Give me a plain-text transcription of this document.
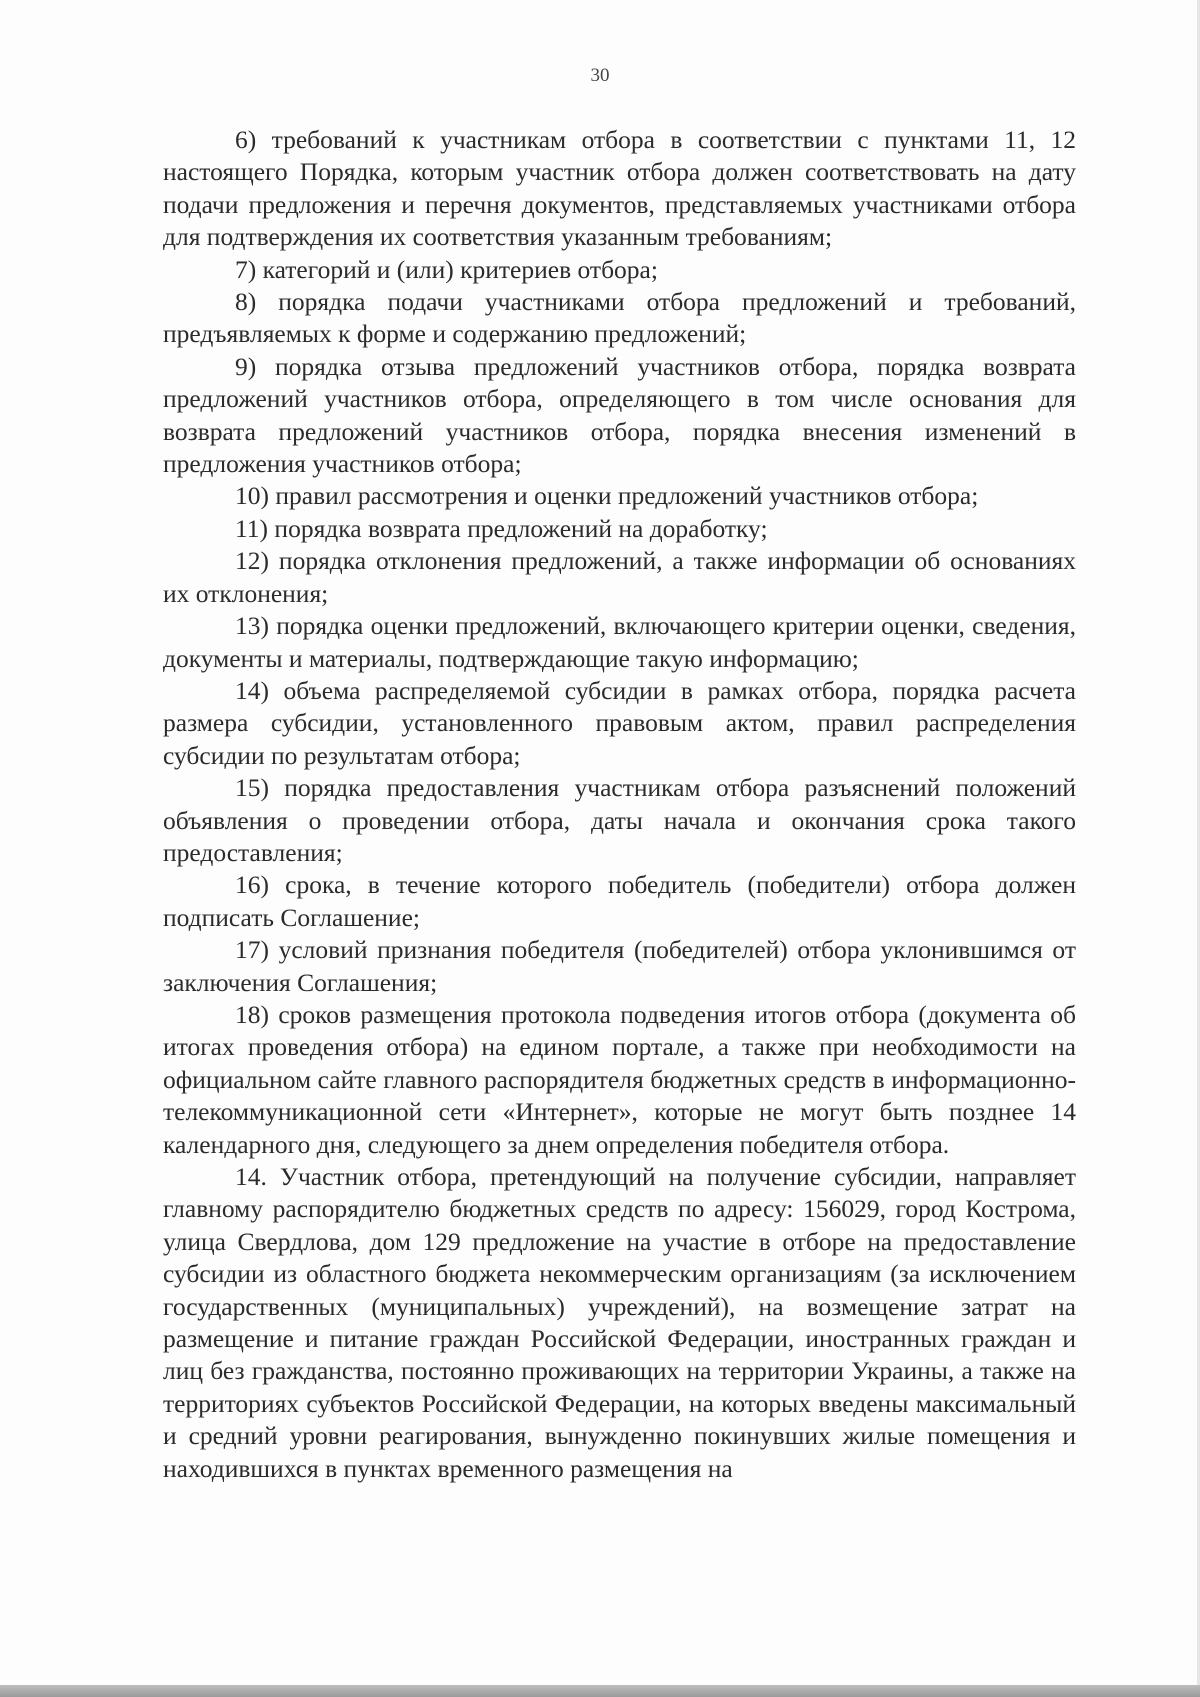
30

6) требований к участникам отбора в соответствии с пунктами 11, 12 настоящего Порядка, которым участник отбора должен соответствовать на дату подачи предложения и перечня документов, представляемых участниками отбора для подтверждения их соответствия указанным требованиям;

7) категорий и (или) критериев отбора;

8) порядка подачи участниками отбора предложений и требований, предъявляемых к форме и содержанию предложений;

9) порядка отзыва предложений участников отбора, порядка возврата предложений участников отбора, определяющего в том числе основания для возврата предложений участников отбора, порядка внесения изменений в предложения участников отбора;

10) правил рассмотрения и оценки предложений участников отбора;

11) порядка возврата предложений на доработку;

12) порядка отклонения предложений, а также информации об основаниях их отклонения;

13) порядка оценки предложений, включающего критерии оценки, сведения, документы и материалы, подтверждающие такую информацию;

14) объема распределяемой субсидии в рамках отбора, порядка расчета размера субсидии, установленного правовым актом, правил распределения субсидии по результатам отбора;

15) порядка предоставления участникам отбора разъяснений положений объявления о проведении отбора, даты начала и окончания срока такого предоставления;

16) срока, в течение которого победитель (победители) отбора должен подписать Соглашение;

17) условий признания победителя (победителей) отбора уклонившимся от заключения Соглашения;

18) сроков размещения протокола подведения итогов отбора (документа об итогах проведения отбора) на едином портале, а также при необходимости на официальном сайте главного распорядителя бюджетных средств в информационно-телекоммуникационной сети «Интернет», которые не могут быть позднее 14 календарного дня, следующего за днем определения победителя отбора.

14. Участник отбора, претендующий на получение субсидии, направляет главному распорядителю бюджетных средств по адресу: 156029, город Кострома, улица Свердлова, дом 129 предложение на участие в отборе на предоставление субсидии из областного бюджета некоммерческим организациям (за исключением государственных (муниципальных) учреждений), на возмещение затрат на размещение и питание граждан Российской Федерации, иностранных граждан и лиц без гражданства, постоянно проживающих на территории Украины, а также на территориях субъектов Российской Федерации, на которых введены максимальный и средний уровни реагирования, вынужденно покинувших жилые помещения и находившихся в пунктах временного размещения на
